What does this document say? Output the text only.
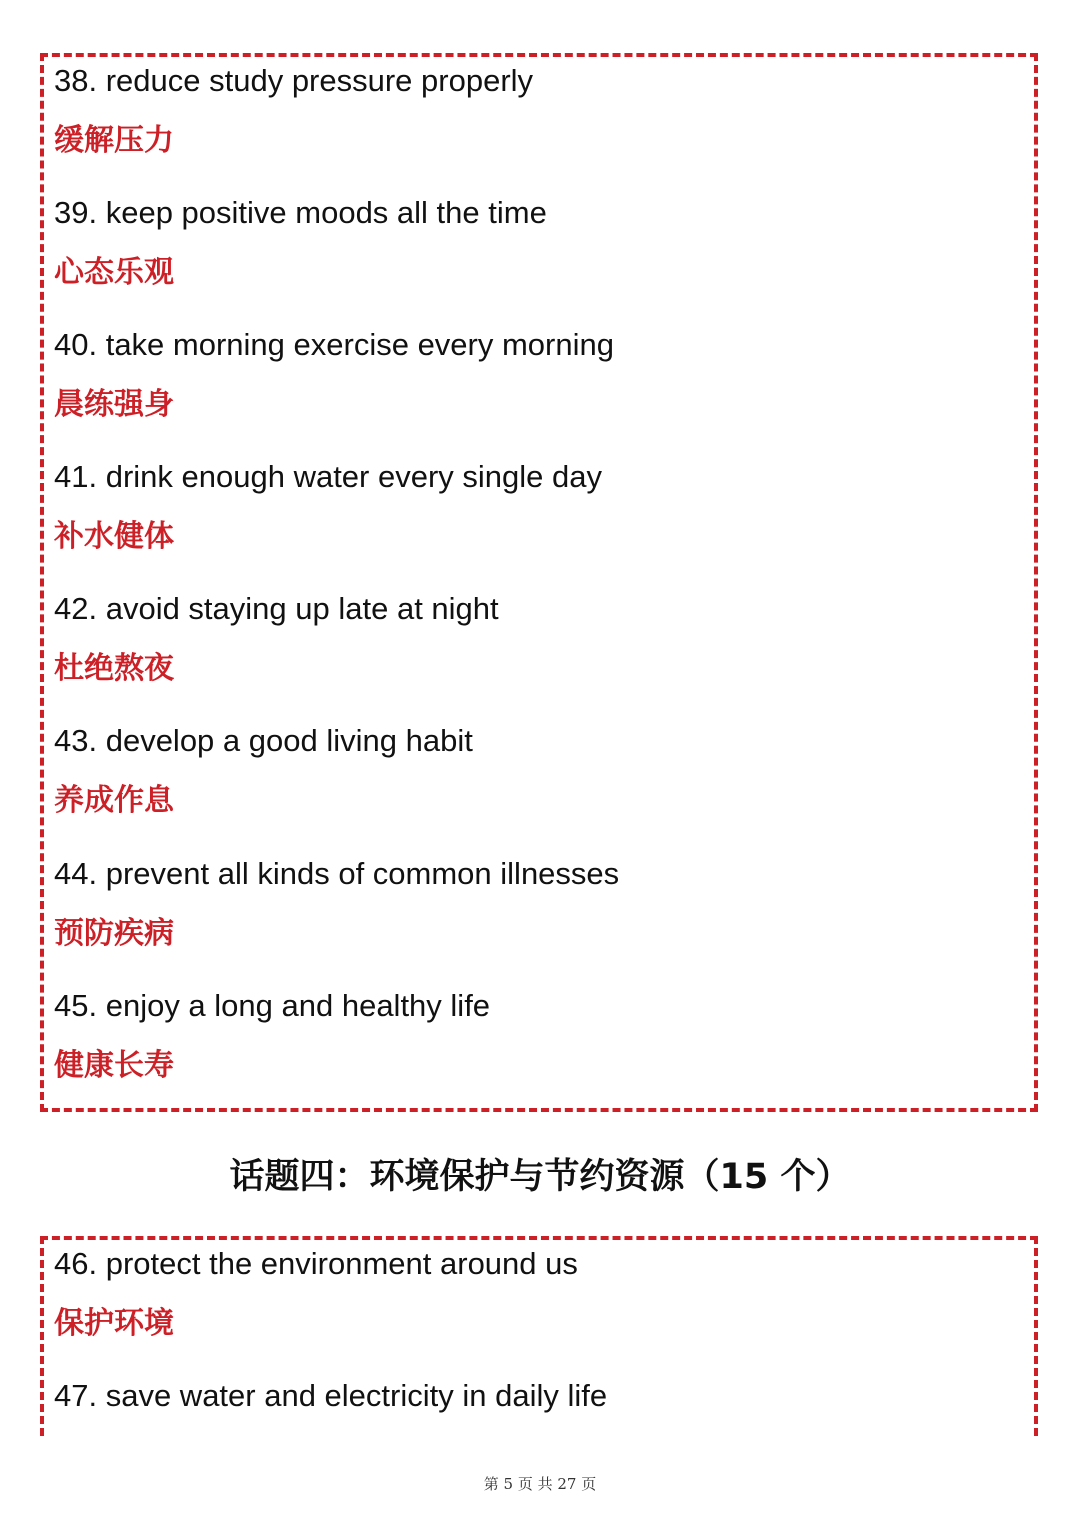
38. reduce study pressure properly
缓解压力
39. keep positive moods all the time
心态乐观
40. take morning exercise every morning
晨练强身
41. drink enough water every single day
补水健体
42. avoid staying up late at night
杜绝熬夜
43. develop a good living habit
养成作息
44. prevent all kinds of common illnesses
预防疾病
45. enjoy a long and healthy life
健康长寿
话题四：环境保护与节约资源（15 个）
46. protect the environment around us
保护环境
47. save water and electricity in daily life
第 5 页 共 27 页
